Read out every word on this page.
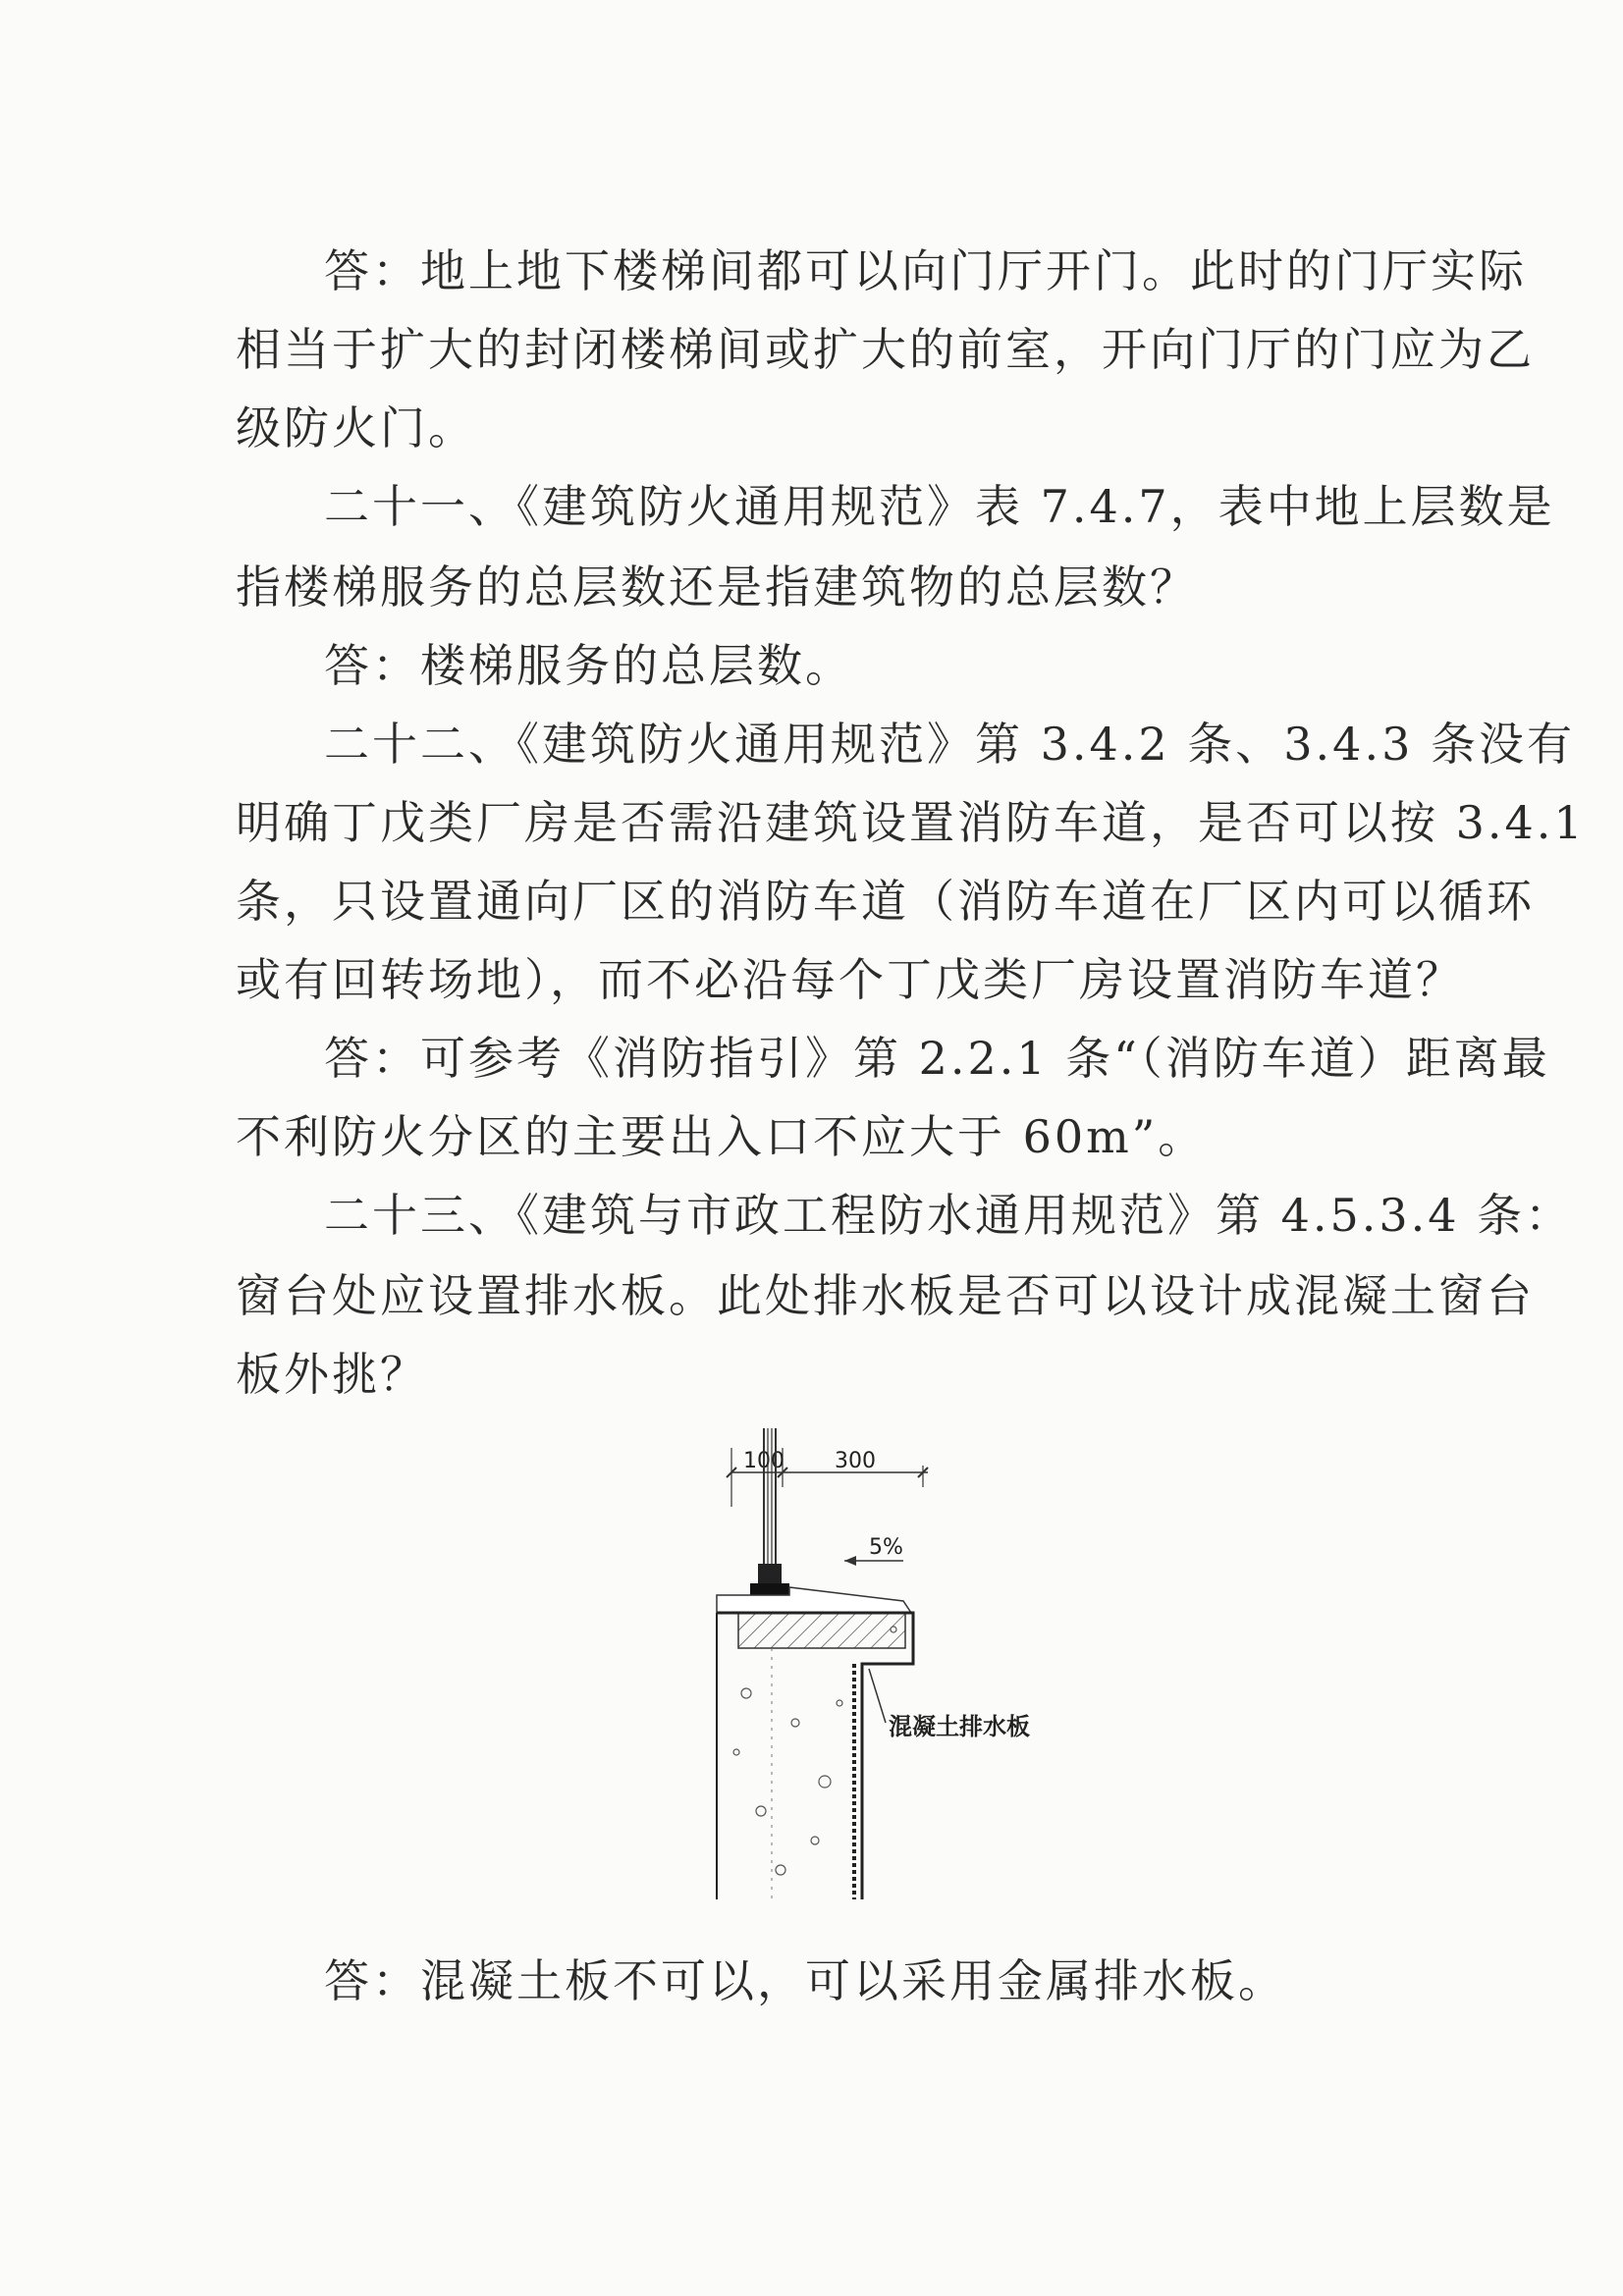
答：地上地下楼梯间都可以向门厅开门。此时的门厅实际
相当于扩大的封闭楼梯间或扩大的前室，开向门厅的门应为乙
级防火门。
二十一、《建筑防火通用规范》表 7.4.7，表中地上层数是
指楼梯服务的总层数还是指建筑物的总层数？
答：楼梯服务的总层数。
二十二、《建筑防火通用规范》第 3.4.2 条、3.4.3 条没有
明确丁戊类厂房是否需沿建筑设置消防车道，是否可以按 3.4.1
条，只设置通向厂区的消防车道（消防车道在厂区内可以循环
或有回转场地），而不必沿每个丁戊类厂房设置消防车道？
答：可参考《消防指引》第 2.2.1 条“（消防车道）距离最
不利防火分区的主要出入口不应大于 60m”。
二十三、《建筑与市政工程防水通用规范》第 4.5.3.4 条：
窗台处应设置排水板。此处排水板是否可以设计成混凝土窗台
板外挑？
100 300
5%
混凝土排水板
答：混凝土板不可以，可以采用金属排水板。
